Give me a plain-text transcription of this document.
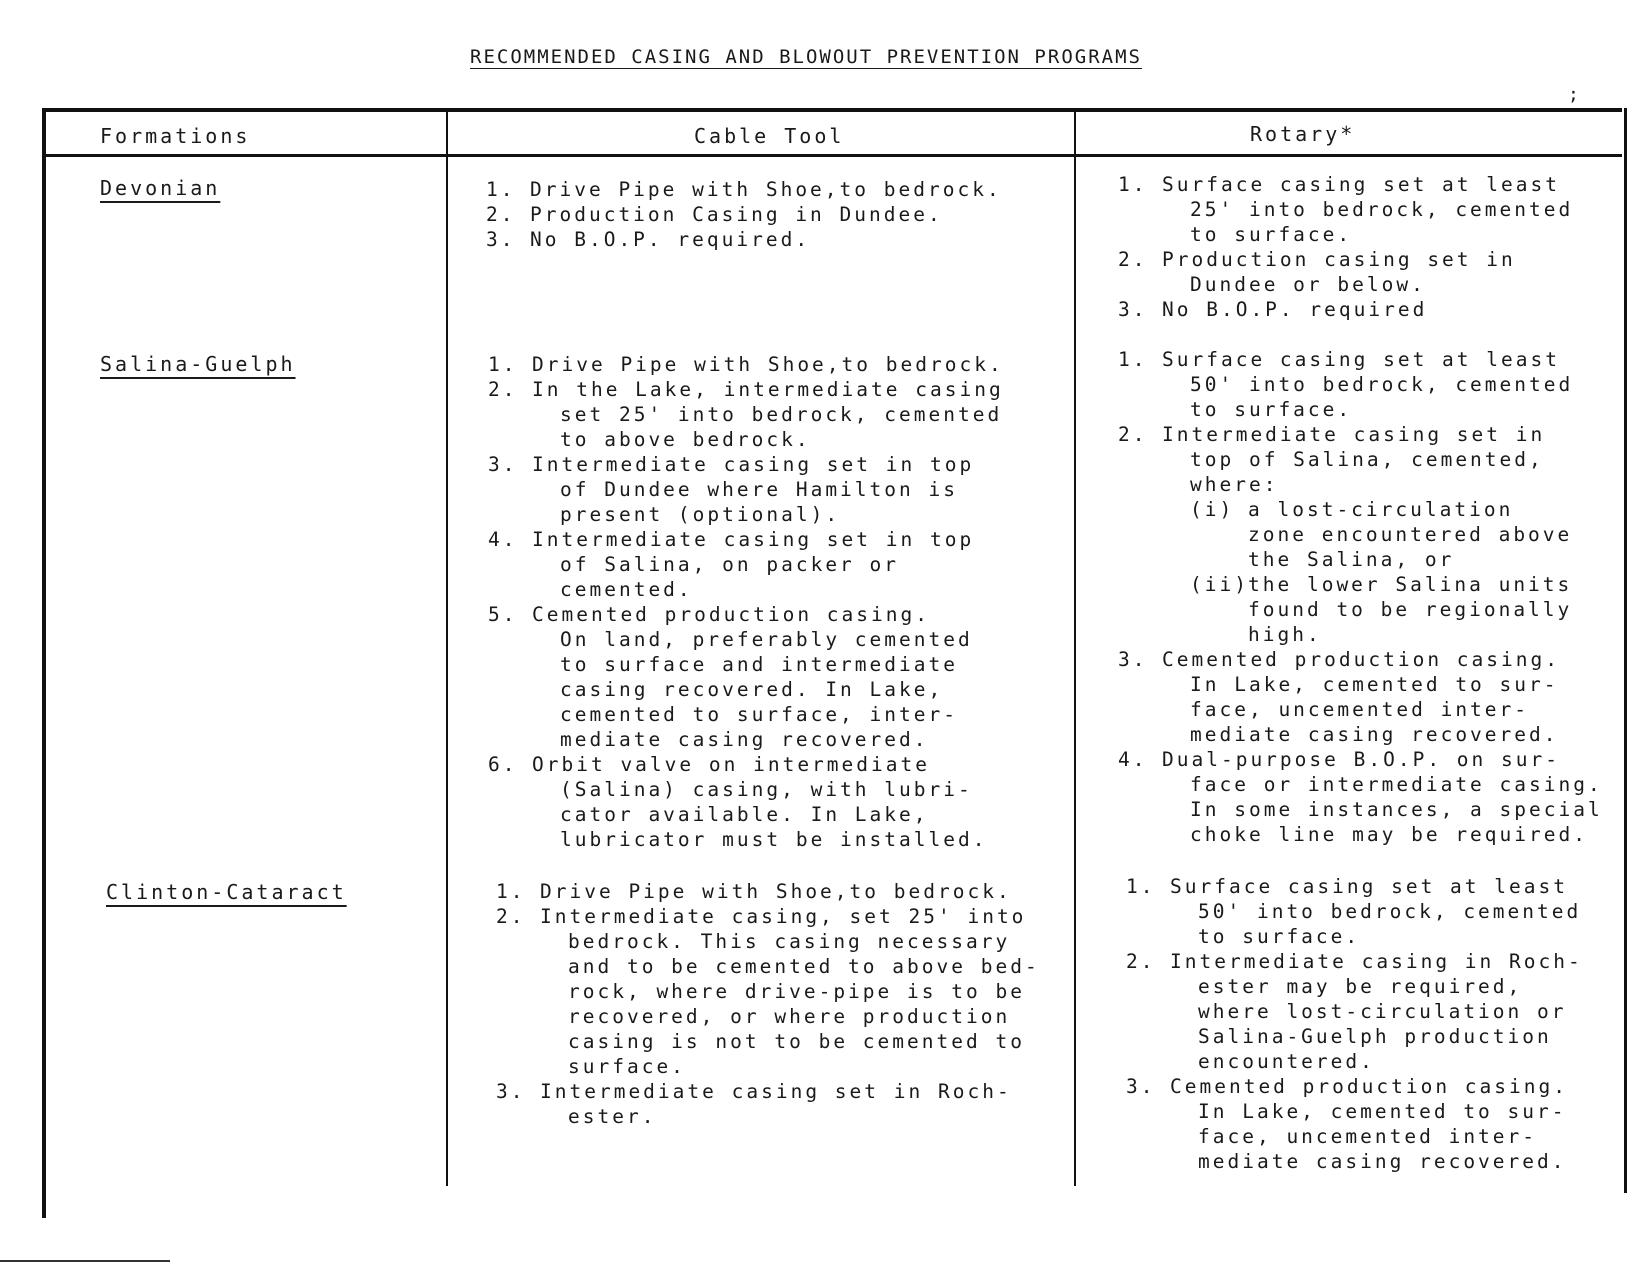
RECOMMENDED CASING AND BLOWOUT PREVENTION PROGRAMS
;
Formations	Cable Tool	Rotary*
Devonian
Salina-Guelph
Clinton-Cataract
1. Drive Pipe with Shoe,to bedrock.
2. Production Casing in Dundee.
3. No B.O.P. required.
1. Surface casing set at least
25' into bedrock, cemented
to surface.
2. Production casing set in
Dundee or below.
3. No B.O.P. required
1. Drive Pipe with Shoe,to bedrock.
2. In the Lake, intermediate casing
set 25' into bedrock, cemented
to above bedrock.
3. Intermediate casing set in top
of Dundee where Hamilton is
present (optional).
4. Intermediate casing set in top
of Salina, on packer or
cemented.
5. Cemented production casing.
On land, preferably cemented
to surface and intermediate
casing recovered. In Lake,
cemented to surface, inter-
mediate casing recovered.
6. Orbit valve on intermediate
(Salina) casing, with lubri-
cator available. In Lake,
lubricator must be installed.
1. Surface casing set at least
50' into bedrock, cemented
to surface.
2. Intermediate casing set in
top of Salina, cemented,
where:
(i) a lost-circulation
zone encountered above
the Salina, or
(ii) the lower Salina units
found to be regionally
high.
3. Cemented production casing.
In Lake, cemented to sur-
face, uncemented inter-
mediate casing recovered.
4. Dual-purpose B.O.P. on sur-
face or intermediate casing.
In some instances, a special
choke line may be required.
1. Drive Pipe with Shoe,to bedrock.
2. Intermediate casing, set 25' into
bedrock. This casing necessary
and to be cemented to above bed-
rock, where drive-pipe is to be
recovered, or where production
casing is not to be cemented to
surface.
3. Intermediate casing set in Roch-
ester.
1. Surface casing set at least
50' into bedrock, cemented
to surface.
2. Intermediate casing in Roch-
ester may be required,
where lost-circulation or
Salina-Guelph production
encountered.
3. Cemented production casing.
In Lake, cemented to sur-
face, uncemented inter-
mediate casing recovered.
